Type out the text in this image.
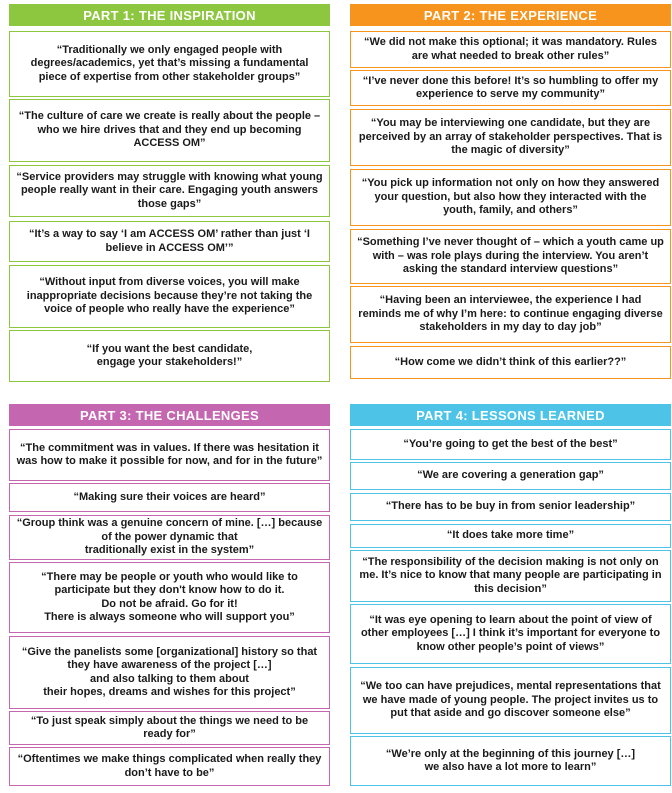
PART 1: THE INSPIRATION
“Traditionally we only engaged people with degrees/academics, yet that’s missing a fundamental piece of expertise from other stakeholder groups”
“The culture of care we create is really about the people – who we hire drives that and they end up becoming ACCESS OM”
“Service providers may struggle with knowing what young people really want in their care. Engaging youth answers those gaps”
“It’s a way to say ‘I am ACCESS OM’ rather than just ‘I believe in ACCESS OM’”
“Without input from diverse voices, you will make inappropriate decisions because they’re not taking the voice of people who really have the experience”
“If you want the best candidate,
engage your stakeholders!”
PART 2: THE EXPERIENCE
“We did not make this optional; it was mandatory. Rules are what needed to break other rules”
“I’ve never done this before! It’s so humbling to offer my experience to serve my community”
“You may be interviewing one candidate, but they are perceived by an array of stakeholder perspectives. That is the magic of diversity”
“You pick up information not only on how they answered your question, but also how they interacted with the youth, family, and others”
“Something I’ve never thought of – which a youth came up with – was role plays during the interview. You aren’t asking the standard interview questions”
“Having been an interviewee, the experience I had reminds me of why I’m here: to continue engaging diverse stakeholders in my day to day job”
“How come we didn’t think of this earlier??”
PART 3: THE CHALLENGES
“The commitment was in values. If there was hesitation it was how to make it possible for now, and for in the future”
“Making sure their voices are heard”
“Group think was a genuine concern of mine. […] because of the power dynamic that
traditionally exist in the system”
“There may be people or youth who would like to participate but they don't know how to do it.
Do not be afraid. Go for it!
There is always someone who will support you”
“Give the panelists some [organizational] history so that they have awareness of the project […]
and also talking to them about
their hopes, dreams and wishes for this project”
“To just speak simply about the things we need to be ready for”
“Oftentimes we make things complicated when really they don’t have to be”
PART 4: LESSONS LEARNED
“You’re going to get the best of the best”
“We are covering a generation gap”
“There has to be buy in from senior leadership”
“It does take more time”
“The responsibility of the decision making is not only on me. It’s nice to know that many people are participating in this decision”
“It was eye opening to learn about the point of view of other employees […] I think it’s important for everyone to know other people’s point of views”
“We too can have prejudices, mental representations that we have made of young people. The project invites us to put that aside and go discover someone else”
“We’re only at the beginning of this journey […]
we also have a lot more to learn”
